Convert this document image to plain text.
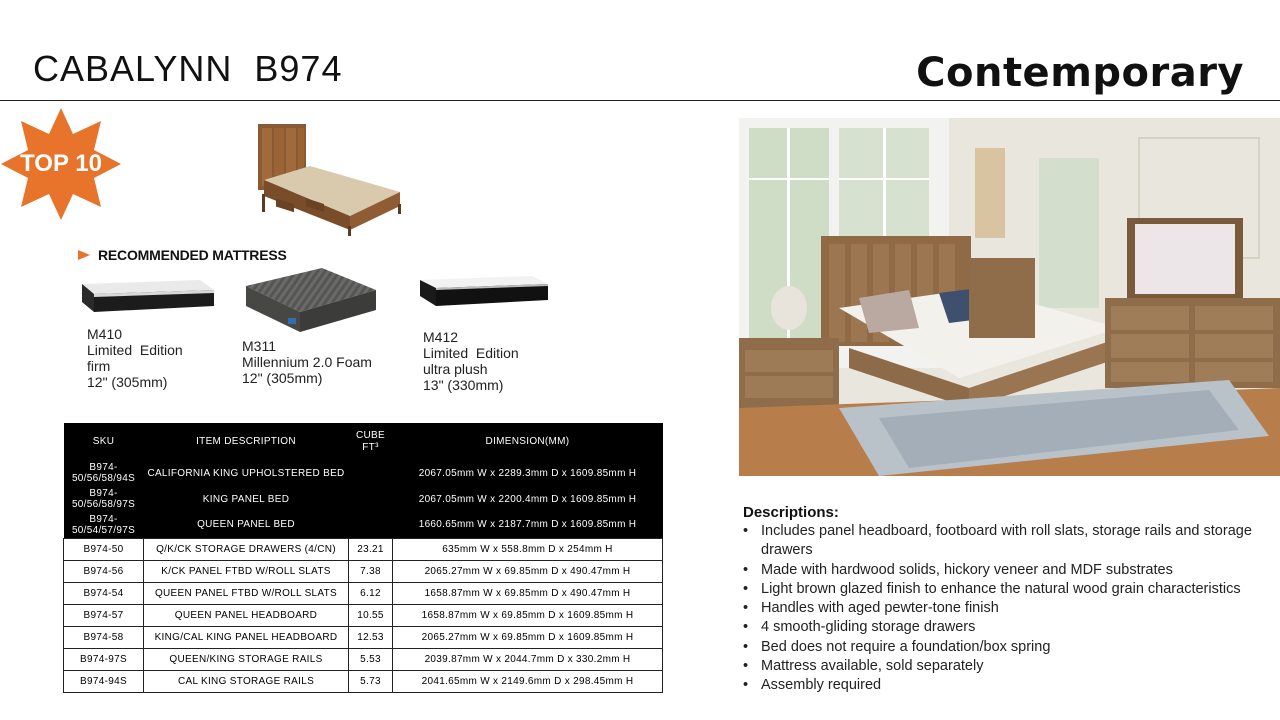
CABALYNN  B974	Contemporary
TOP 10
RECOMMENDED MATTRESS
M410
Limited  Edition
firm
12" (305mm)
M311
Millennium 2.0 Foam
12" (305mm)
M412
Limited  Edition
ultra plush
13" (330mm)
SKU	ITEM DESCRIPTION	CUBE FT³	DIMENSION(MM)
B974-50/56/58/94S	CALIFORNIA KING UPHOLSTERED BED		2067.05mm W x 2289.3mm D x 1609.85mm H
B974-50/56/58/97S	KING PANEL BED		2067.05mm W x 2200.4mm D x 1609.85mm H
B974-50/54/57/97S	QUEEN PANEL BED		1660.65mm W x 2187.7mm D x 1609.85mm H
B974-50	Q/K/CK STORAGE DRAWERS (4/CN)	23.21	635mm W x 558.8mm D x 254mm H
B974-56	K/CK PANEL FTBD W/ROLL SLATS	7.38	2065.27mm W x 69.85mm D x 490.47mm H
B974-54	QUEEN PANEL FTBD W/ROLL SLATS	6.12	1658.87mm W x 69.85mm D x 490.47mm H
B974-57	QUEEN PANEL HEADBOARD	10.55	1658.87mm W x 69.85mm D x 1609.85mm H
B974-58	KING/CAL KING PANEL HEADBOARD	12.53	2065.27mm W x 69.85mm D x 1609.85mm H
B974-97S	QUEEN/KING STORAGE RAILS	5.53	2039.87mm W x 2044.7mm D x 330.2mm H
B974-94S	CAL KING STORAGE RAILS	5.73	2041.65mm W x 2149.6mm D x 298.45mm H
Descriptions:
• Includes panel headboard, footboard with roll slats, storage rails and storage drawers
• Made with hardwood solids, hickory veneer and MDF substrates
• Light brown glazed finish to enhance the natural wood grain characteristics
• Handles with aged pewter-tone finish
• 4 smooth-gliding storage drawers
• Bed does not require a foundation/box spring
• Mattress available, sold separately
• Assembly required
